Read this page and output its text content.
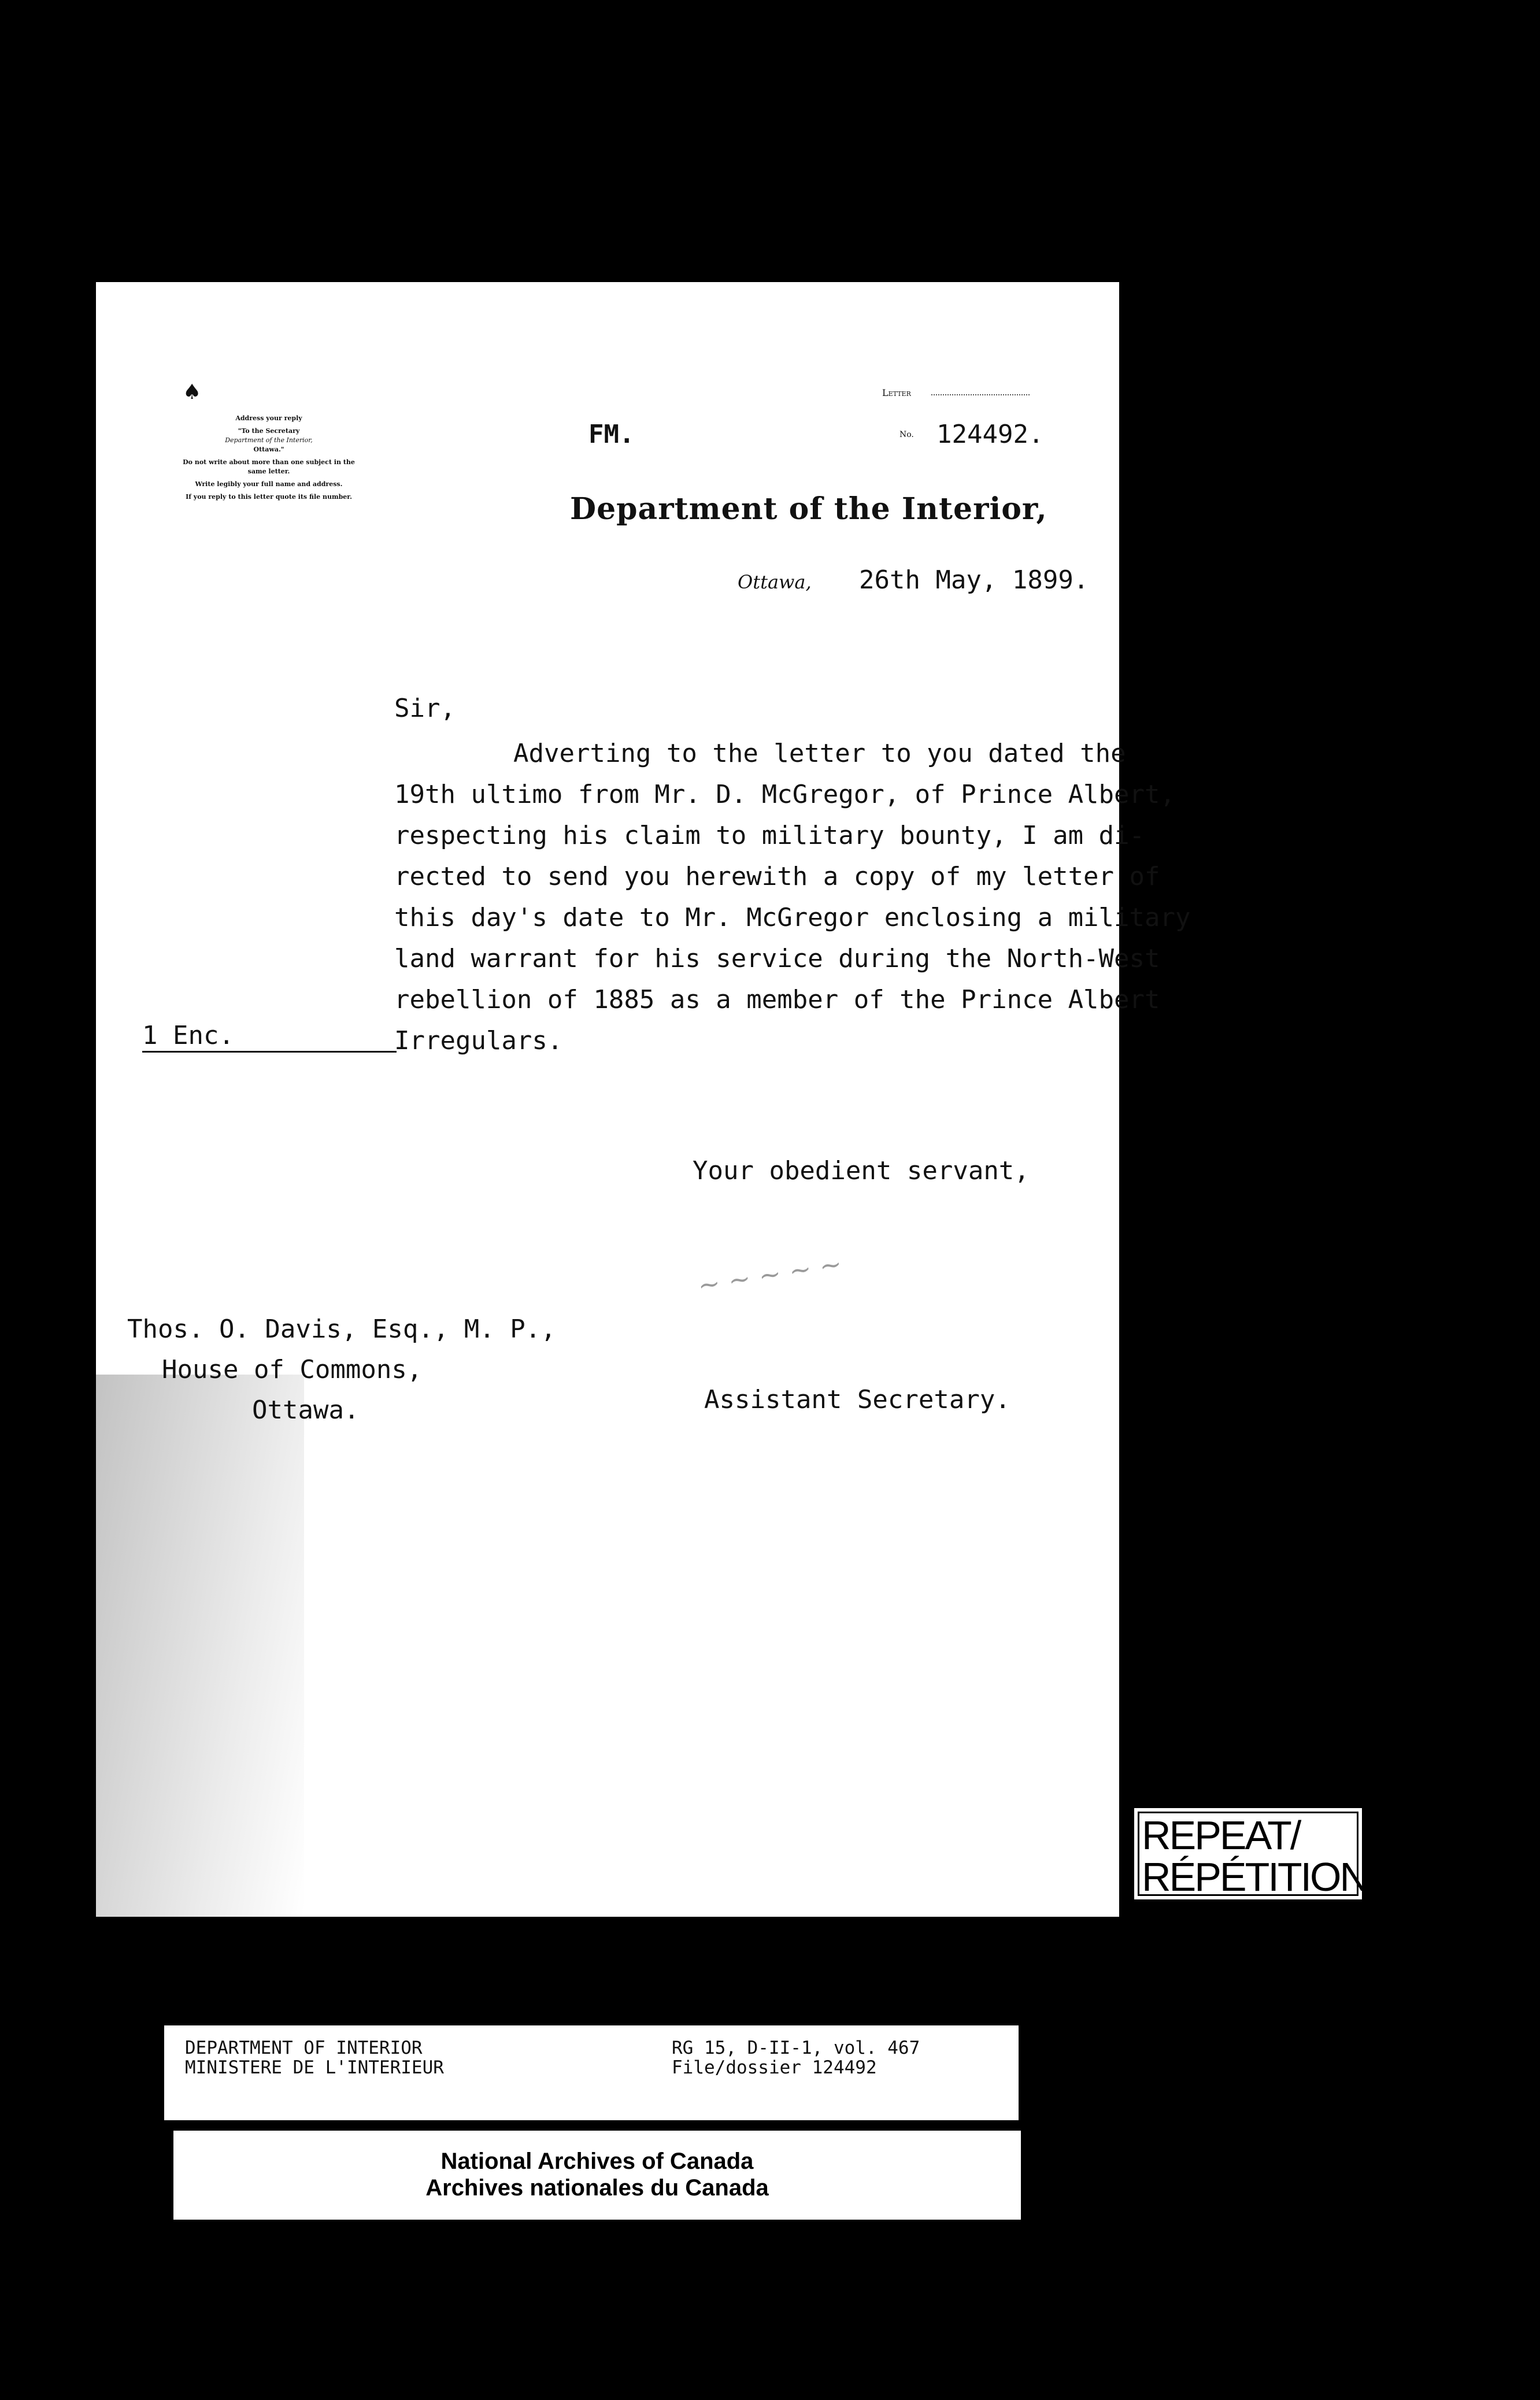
♠

Address your reply

"To the Secretary

Department of the Interior,

Ottawa."

Do not write about more than one subject in the same letter.

Write legibly your full name and address.

If you reply to this letter quote its file number.

Letter
FM.	No. 124492.
Department of the Interior,
Ottawa, 26th May, 1899.
Sir,
Adverting to the letter to you dated the
19th ultimo from Mr. D. McGregor, of Prince Albert,
respecting his claim to military bounty, I am di-
rected to send you herewith a copy of my letter of
this day's date to Mr. McGregor enclosing a military
land warrant for his service during the North-West
rebellion of 1885 as a member of the Prince Albert
Irregulars.
1 Enc.
Your obedient servant,
~ ~ ~ ~ ~
Assistant Secretary.
Thos. O. Davis, Esq., M. P.,
House of Commons,
Ottawa.
REPEAT/
RÉPÉTITION
DEPARTMENT OF INTERIOR
MINISTERE DE L'INTERIEUR
RG 15, D-II-1, vol. 467
File/dossier 124492
National Archives of Canada
Archives nationales du Canada
